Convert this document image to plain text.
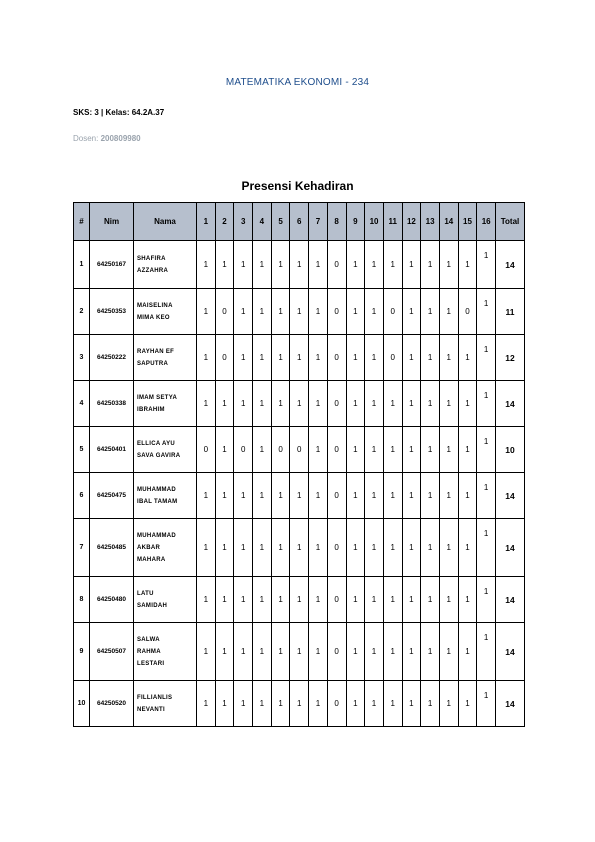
MATEMATIKA EKONOMI - 234
SKS: 3 | Kelas: 64.2A.37
Dosen: 200809980
Presensi Kehadiran
#	Nim	Nama	1	2	3	4	5	6	7	8	9	10	11	12	13	14	15	16	Total
1	64250167	SHAFIRA
AZZAHRA	1	1	1	1	1	1	1	0	1	1	1	1	1	1	1	1	14
2	64250353	MAISELINA
MIMA KEO	1	0	1	1	1	1	1	0	1	1	0	1	1	1	0	1	11
3	64250222	RAYHAN EF
SAPUTRA	1	0	1	1	1	1	1	0	1	1	0	1	1	1	1	1	12
4	64250338	IMAM SETYA
IBRAHIM	1	1	1	1	1	1	1	0	1	1	1	1	1	1	1	1	14
5	64250401	ELLICA AYU
SAVA GAVIRA	0	1	0	1	0	0	1	0	1	1	1	1	1	1	1	1	10
6	64250475	MUHAMMAD
IBAL TAMAM	1	1	1	1	1	1	1	0	1	1	1	1	1	1	1	1	14
7	64250485	MUHAMMAD
AKBAR
MAHARA	1	1	1	1	1	1	1	0	1	1	1	1	1	1	1	1	14
8	64250480	LATU
SAMIDAH	1	1	1	1	1	1	1	0	1	1	1	1	1	1	1	1	14
9	64250507	SALWA
RAHMA
LESTARI	1	1	1	1	1	1	1	0	1	1	1	1	1	1	1	1	14
10	64250520	FILLIANLIS
NEVANTI	1	1	1	1	1	1	1	0	1	1	1	1	1	1	1	1	14
